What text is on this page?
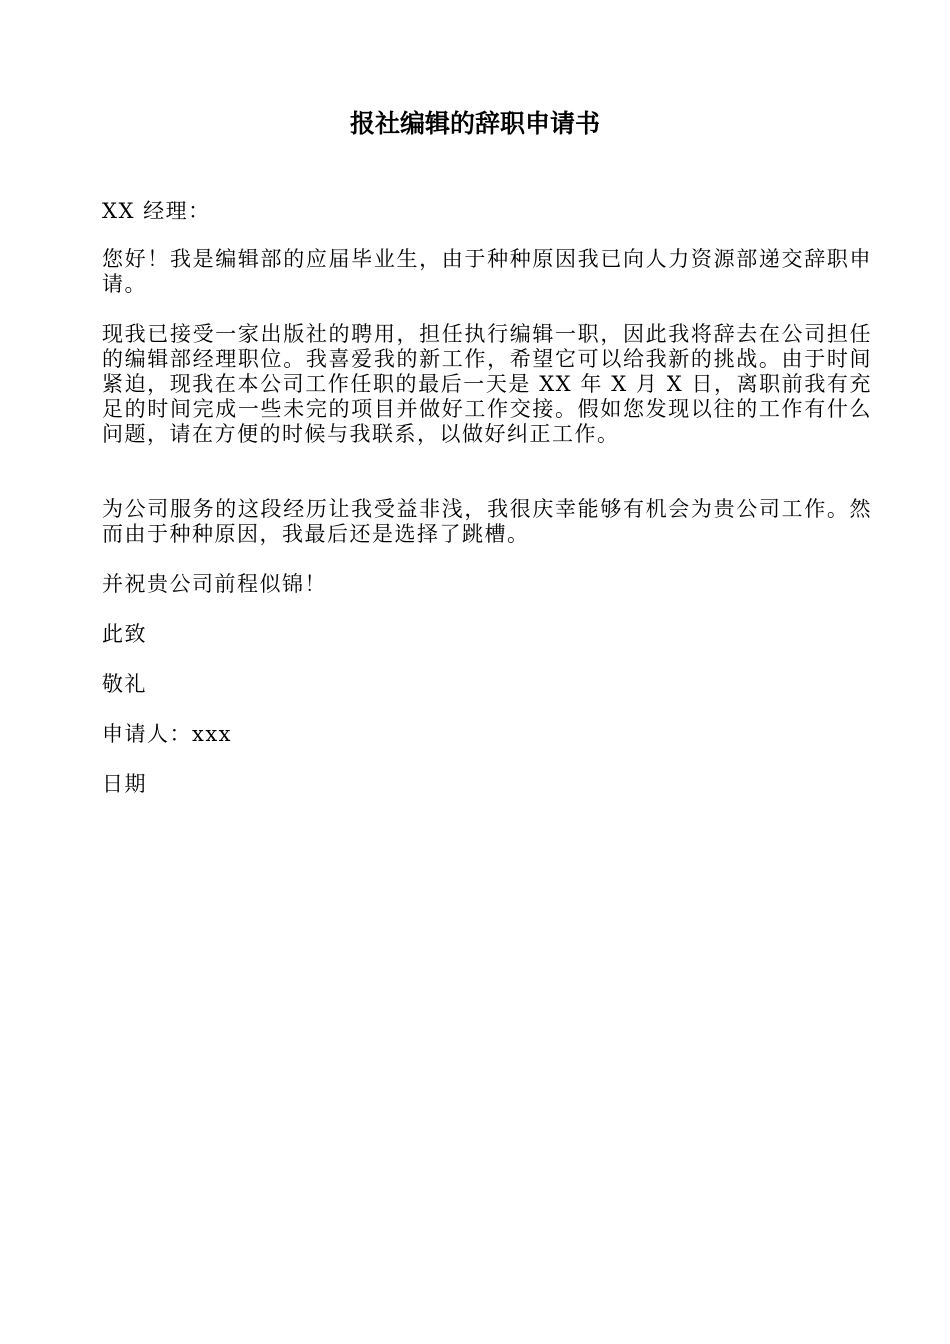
报社编辑的辞职申请书

XX 经理：

您好！我是编辑部的应届毕业生，由于种种原因我已向人力资源部递交辞职申请。

现我已接受一家出版社的聘用，担任执行编辑一职，因此我将辞去在公司担任的编辑部经理职位。我喜爱我的新工作，希望它可以给我新的挑战。由于时间紧迫，现我在本公司工作任职的最后一天是 XX 年 X 月 X 日，离职前我有充足的时间完成一些未完的项目并做好工作交接。假如您发现以往的工作有什么问题，请在方便的时候与我联系，以做好纠正工作。

为公司服务的这段经历让我受益非浅，我很庆幸能够有机会为贵公司工作。然而由于种种原因，我最后还是选择了跳槽。

并祝贵公司前程似锦！

此致

敬礼

申请人：xxx

日期
